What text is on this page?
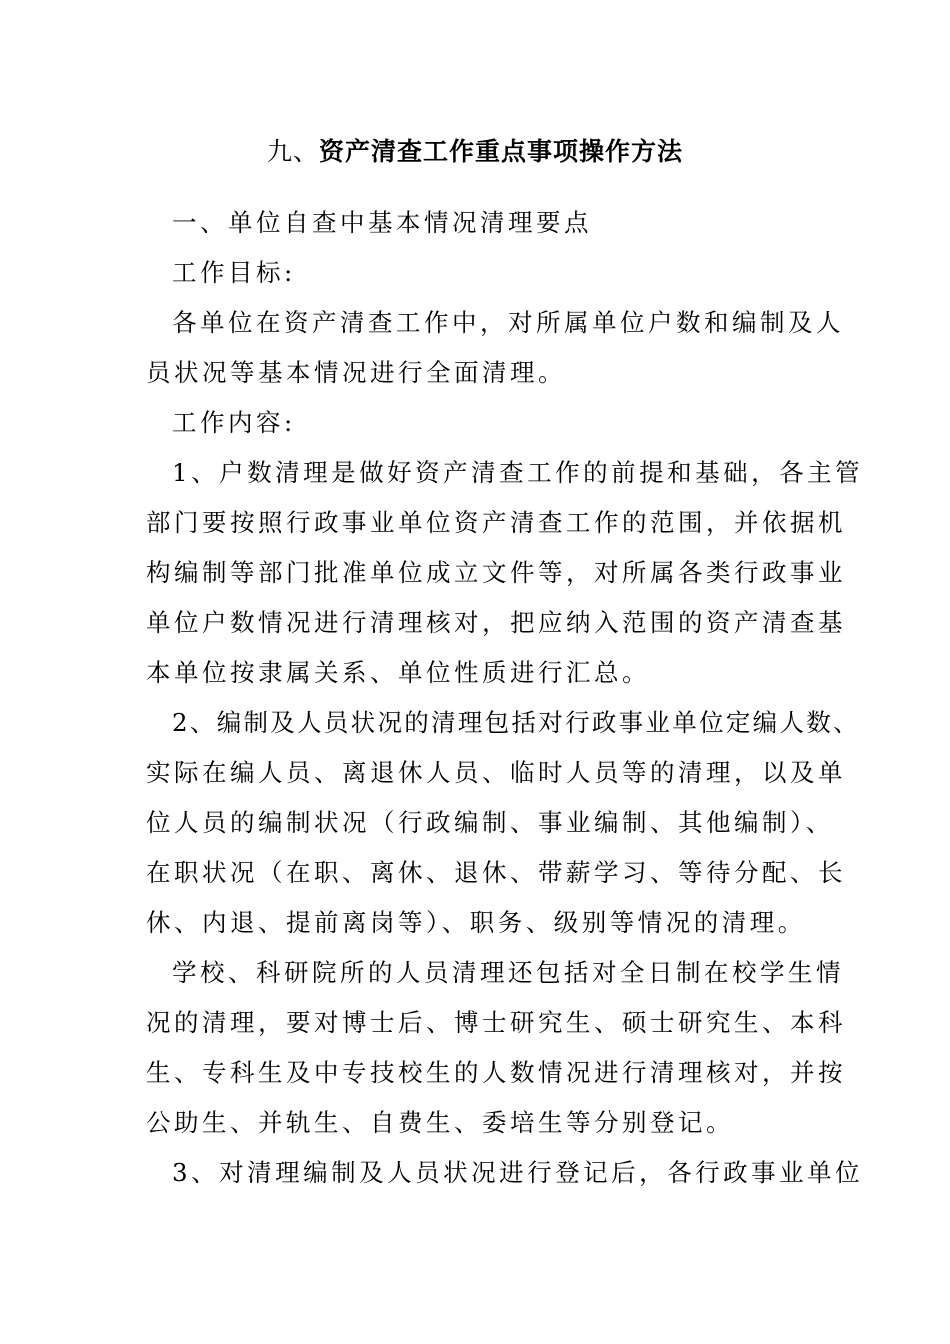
九、资产清查工作重点事项操作方法
一、单位自查中基本情况清理要点
工作目标:
各单位在资产清查工作中，对所属单位户数和编制及人
员状况等基本情况进行全面清理。
工作内容:
1、户数清理是做好资产清查工作的前提和基础，各主管
部门要按照行政事业单位资产清查工作的范围，并依据机
构编制等部门批准单位成立文件等，对所属各类行政事业
单位户数情况进行清理核对，把应纳入范围的资产清查基
本单位按隶属关系、单位性质进行汇总。
2、编制及人员状况的清理包括对行政事业单位定编人数、
实际在编人员、离退休人员、临时人员等的清理，以及单
位人员的编制状况（行政编制、事业编制、其他编制）、
在职状况（在职、离休、退休、带薪学习、等待分配、长
休、内退、提前离岗等）、职务、级别等情况的清理。
学校、科研院所的人员清理还包括对全日制在校学生情
况的清理，要对博士后、博士研究生、硕士研究生、本科
生、专科生及中专技校生的人数情况进行清理核对，并按
公助生、并轨生、自费生、委培生等分别登记。
3、对清理编制及人员状况进行登记后，各行政事业单位
